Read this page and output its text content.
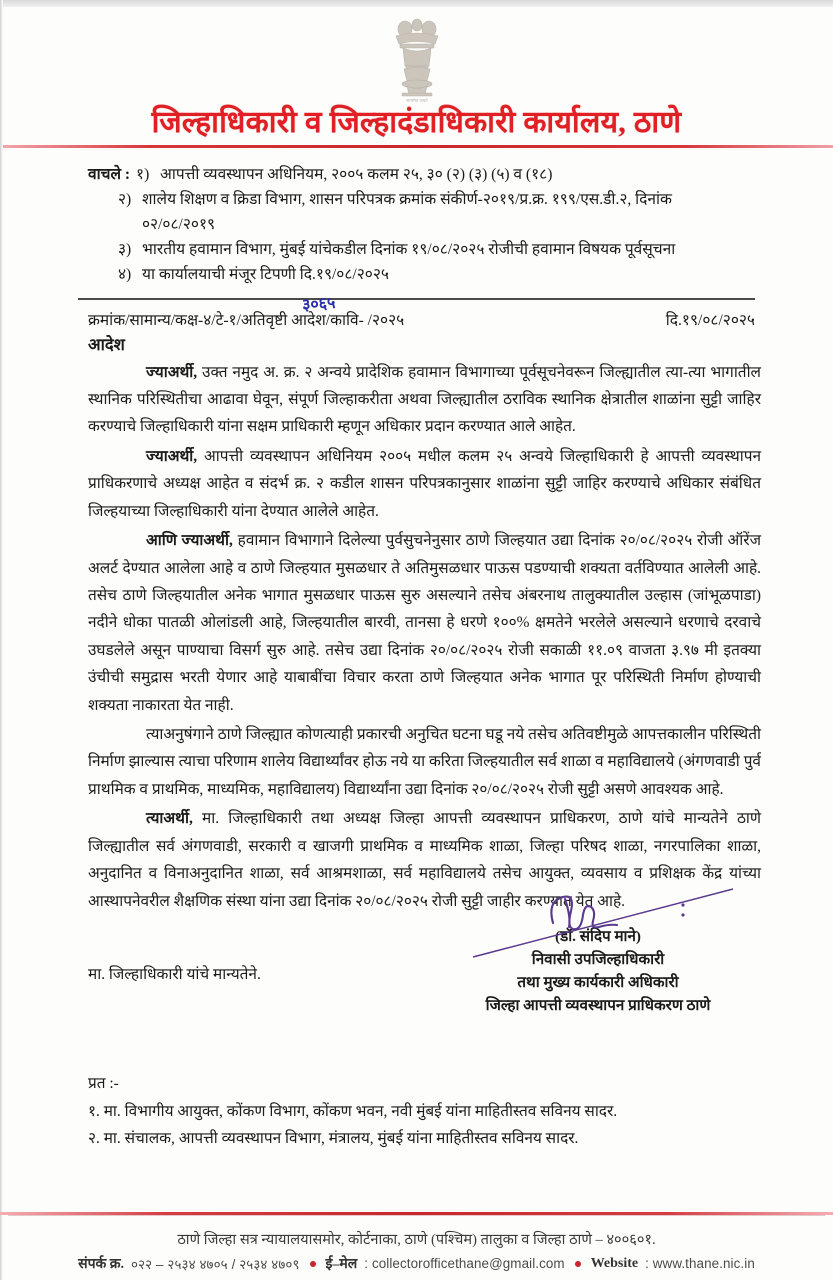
सत्यमेव जयते
जिल्हाधिकारी व जिल्हादंडाधिकारी कार्यालय, ठाणे
वाचले : १) आपत्ती व्यवस्थापन अधिनियम, २००५ कलम २५, ३० (२) (३) (५) व (१८)
२) शालेय शिक्षण व क्रिडा विभाग, शासन परिपत्रक क्रमांक संकीर्ण-२०१९/प्र.क्र. १९९/एस.डी.२, दिनांक
०२/०८/२०१९
३) भारतीय हवामान विभाग, मुंबई यांचेकडील दिनांक १९/०८/२०२५ रोजीची हवामान विषयक पूर्वसूचना
४) या कार्यालयाची मंजूर टिपणी दि.१९/०८/२०२५
क्रमांक/सामान्य/कक्ष-४/टे-१/अतिवृष्टी आदेश/कावि- /२०२५
३०६५
दि.१९/०८/२०२५
आदेश

ज्याअर्थी, उक्त नमुद अ. क्र. २ अन्वये प्रादेशिक हवामान विभागाच्या पूर्वसूचनेवरून जिल्ह्यातील त्या-त्या भागातील स्थानिक परिस्थितीचा आढावा घेवून, संपूर्ण जिल्हाकरीता अथवा जिल्ह्यातील ठराविक स्थानिक क्षेत्रातील शाळांना सुट्टी जाहिर करण्याचे जिल्हाधिकारी यांना सक्षम प्राधिकारी म्हणून अधिकार प्रदान करण्यात आले आहेत.

ज्याअर्थी, आपत्ती व्यवस्थापन अधिनियम २००५ मधील कलम २५ अन्वये जिल्हाधिकारी हे आपत्ती व्यवस्थापन प्राधिकरणाचे अध्यक्ष आहेत व संदर्भ क्र. २ कडील शासन परिपत्रकानुसार शाळांना सुट्टी जाहिर करण्याचे अधिकार संबंधित जिल्हयाच्या जिल्हाधिकारी यांना देण्यात आलेले आहेत.

आणि ज्याअर्थी, हवामान विभागाने दिलेल्या पुर्वसुचनेनुसार ठाणे जिल्हयात उद्या दिनांक २०/०८/२०२५ रोजी ऑरेंज अलर्ट देण्यात आलेला आहे व ठाणे जिल्हयात मुसळधार ते अतिमुसळधार पाऊस पडण्याची शक्यता वर्तविण्यात आलेली आहे. तसेच ठाणे जिल्हयातील अनेक भागात मुसळधार पाऊस सुरु असल्याने तसेच अंबरनाथ तालुक्यातील उल्हास (जांभूळपाडा) नदीने धोका पातळी ओलांडली आहे, जिल्हयातील बारवी, तानसा हे धरणे १००% क्षमतेने भरलेले असल्याने धरणाचे दरवाचे उघडलेले असून पाण्याचा विसर्ग सुरु आहे. तसेच उद्या दिनांक २०/०८/२०२५ रोजी सकाळी ११.०९ वाजता ३.९७ मी इतक्या उंचीची समुद्रास भरती येणार आहे याबाबींचा विचार करता ठाणे जिल्हयात अनेक भागात पूर परिस्थिती निर्माण होण्याची शक्यता नाकारता येत नाही.

त्याअनुषंगाने ठाणे जिल्ह्यात कोणत्याही प्रकारची अनुचित घटना घडू नये तसेच अतिवष्टीमुळे आपत्तकालीन परिस्थिती निर्माण झाल्यास त्याचा परिणाम शालेय विद्यार्थ्यांवर होऊ नये या करिता जिल्हयातील सर्व शाळा व महाविद्यालये (अंगणवाडी पुर्व प्राथमिक व प्राथमिक, माध्यमिक, महाविद्यालय) विद्यार्थ्यांना उद्या दिनांक २०/०८/२०२५ रोजी सुट्टी असणे आवश्यक आहे.

त्याअर्थी, मा. जिल्हाधिकारी तथा अध्यक्ष जिल्हा आपत्ती व्यवस्थापन प्राधिकरण, ठाणे यांचे मान्यतेने ठाणे जिल्ह्यातील सर्व अंगणवाडी, सरकारी व खाजगी प्राथमिक व माध्यमिक शाळा, जिल्हा परिषद शाळा, नगरपालिका शाळा, अनुदानित व विनाअनुदानित शाळा, सर्व आश्रमशाळा, सर्व महाविद्यालये तसेच आयुक्त, व्यवसाय व प्रशिक्षक केंद्र यांच्या आस्थापनेवरील शैक्षणिक संस्था यांना उद्या दिनांक २०/०८/२०२५ रोजी सुट्टी जाहीर करण्यात येत आहे.

मा. जिल्हाधिकारी यांचे मान्यतेने.
(डॉ. संदिप माने)
निवासी उपजिल्हाधिकारी
तथा मुख्य कार्यकारी अधिकारी
जिल्हा आपत्ती व्यवस्थापन प्राधिकरण ठाणे
प्रत :-
१. मा. विभागीय आयुक्त, कोंकण विभाग, कोंकण भवन, नवी मुंबई यांना माहितीस्तव सविनय सादर.
२. मा. संचालक, आपत्ती व्यवस्थापन विभाग, मंत्रालय, मुंबई यांना माहितीस्तव सविनय सादर.
ठाणे जिल्हा सत्र न्यायालयासमोर, कोर्टनाका, ठाणे (पश्चिम) तालुका व जिल्हा ठाणे – ४००६०१.
संपर्क क्र. ०२२ – २५३४ ४७०५ / २५३४ ४७०९ ई–मेल : collectorofficethane@gmail.com Website : www.thane.nic.in
